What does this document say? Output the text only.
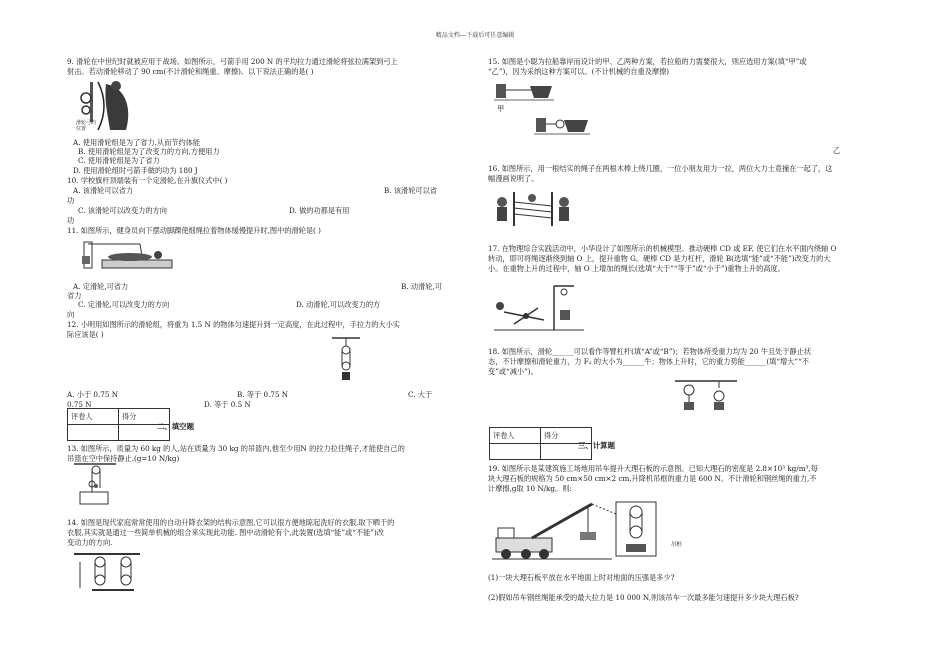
精品文档---下载后可任意编辑
9. 滑轮在中世纪时就被应用于战场。如图所示，弓箭手用 200 N 的平均拉力通过滑轮将弦拉满架到弓上
射击。若动滑轮移动了 90 cm(不计滑轮和绳重、摩擦)。以下说法正确的是( )
滑轮弓的位置
A. 使用滑轮组是为了省力,从而节约体能
B. 使用滑轮组是为了改变力的方向,方便用力
C. 使用滑轮组是为了省力
D. 使用滑轮组时弓箭手做的功为 180 J
10. 学校旗杆顶端装有一个定滑轮,在升旗仪式中( )
A. 该滑轮可以省力	B. 该滑轮可以省
功
C. 该滑轮可以改变力的方向	D. 做的功都是有用
功
11. 如图所示，健身员向下摆动脚踝使细绳拉着物体缓慢提升时,图中的滑轮是( )
A. 定滑轮,可省力	B. 动滑轮,可
省力
C. 定滑轮,可以改变力的方向	D. 动滑轮,可以改变力的方
向
12. 小明用如图所示的滑轮组，将重为 1.5 N 的物体匀速提升到一定高度，在此过程中，手拉力的大小实
际应该是( )
A. 小于 0.75 N	B. 等于 0.75 N	C. 大于
0.75 N	D. 等于 0.5 N
评卷人	得分

二、填空题
13. 如图所示，质量为 60 kg 的人,站在质量为 30 kg 的吊篮内,他至少用N 的拉力拉住绳子,才能使自己的
吊篮在空中保持静止.(g=10 N/kg)
14. 如图是现代家庭常常使用的自动升降衣架的结构示意图,它可以很方便地晾起洗好的衣服,取下晒干的
衣服,其实就是通过一些简单机械的组合来实现此功能. 图中动滑轮有个,此装置(选填“能”或“不能”)改
变动力的方向.
15. 如图是小聪为拉船靠岸而设计的甲、乙两种方案，若拉船的力需要很大，则应选用方案(填“甲”或
“乙”)，因为采纳这种方案可以。(不计机械的自重及摩擦)
甲
乙
16. 如图所示，用一根结实的绳子在两根木棒上绕几圈，一位小朋友用力一拉，两位大力士竟撞在一起了，这
幅漫画说明了。
17. 在物理综合实践活动中，小华设计了如图所示的机械模型。推动硬棒 CD 或 EF, 使它们在水平面内绕轴 O
转动，即可将绳逐渐绕到轴 O 上，提升重物 G。硬棒 CD 是力杠杆，滑轮 B(选填“能”或“不能”)改变力的大
小。在重物上升的过程中，轴 O 上增加的绳长(选填“大于”“等于”或“小于”)重物上升的高度。
18. 如图所示，滑轮______可以看作等臂杠杆(填“A”或“B”)；若物体所受重力均为 20 牛且处于静止状
态，不计摩擦和滑轮重力，力 F₂ 的大小为______牛；物体上升时，它的重力势能______(填“增大”“不
变”或“减小”)。
评卷人	得分

三、计算题
19. 如图所示是某建筑施工场地用吊车提升大理石板的示意图。已知大理石的密度是 2.8×10³ kg/m³,每
块大理石板的规格为 50 cm×50 cm×2 cm,升降机吊框的重力是 600 N。不计滑轮和钢丝绳的重力,不
计摩擦,g取 10 N/kg。则:
吊框
(1)一块大理石板平放在水平地面上时对地面的压强是多少?
(2)假如吊车钢丝绳能承受的最大拉力是 10 000 N,则该吊车一次最多能匀速提升多少块大理石板?
